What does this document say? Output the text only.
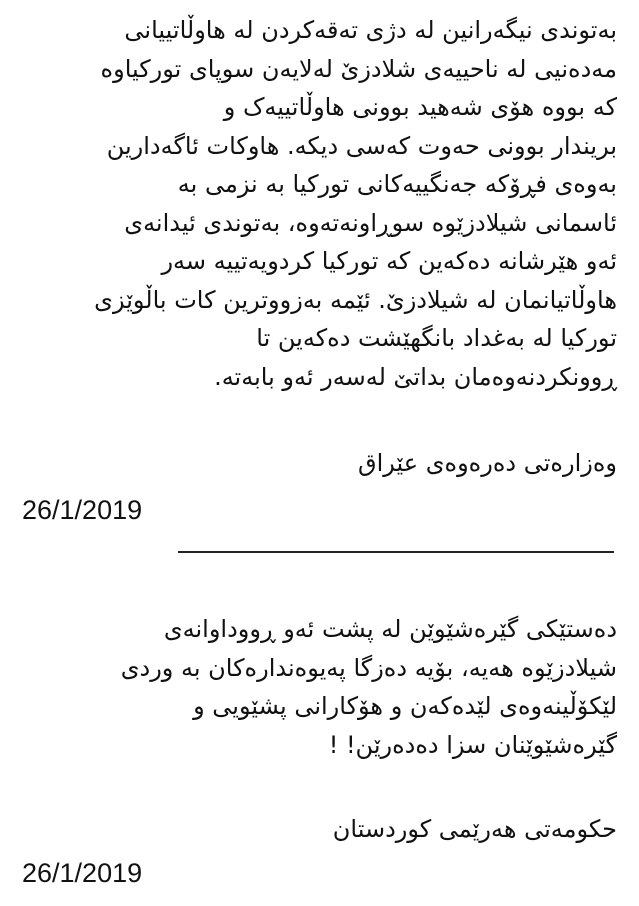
بەتوندی نیگەرانین لە دژی تەقەکردن لە هاوڵاتیيانی
مەدەنیی لە ناحییەی شلادزێ لەلایەن سوپای تورکیاوە
کە بووە هۆی شەهید بوونی هاوڵاتییەک و
بریندار بوونی حەوت کەسی دیکە. هاوکات ئاگەدارین
بەوەی فڕۆکە جەنگییەکانی تورکیا بە نزمی بە
ئاسمانی شیلادزێوە سوڕاونەتەوە، بەتوندی ئیدانەی
ئەو هێرشانە دەکەین کە تورکیا کردویەتییە سەر
هاوڵاتیانمان لە شیلادزێ. ئێمە بەزووترین کات باڵوێزی
تورکیا لە بەغداد بانگهێشت دەکەین تا
ڕوونکردنەوەمان بداتێ لەسەر ئەو بابەتە.
وەزارەتی دەرەوەی عێراق
26/1/2019
دەستێکی گێرەشێوێن لە پشت ئەو ڕووداوانەی
شیلادزێوە هەیە، بۆیە دەزگا پەیوەندارەکان بە وردی
لێکۆڵینەوەی لێدەکەن و هۆکارانی پشێویی و
گێرەشێوێنان سزا دەدەرێن! !
حکومەتی هەرێمی کوردستان
26/1/2019
